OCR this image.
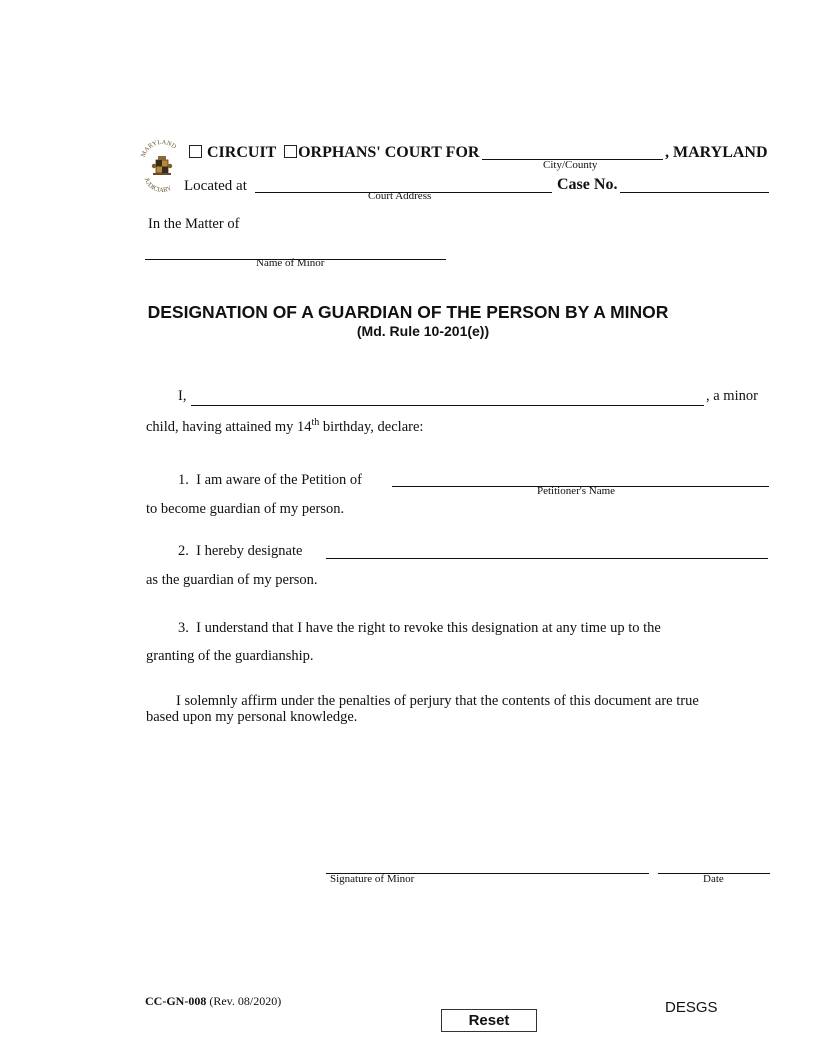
MARYLAND
JUDICIARY
CIRCUIT ORPHANS' COURT FOR	, MARYLAND
City/County
Located at
Court Address
Case No.
In the Matter of
Name of Minor
DESIGNATION OF A GUARDIAN OF THE PERSON BY A MINOR
(Md. Rule 10-201(e))
I,	, a minor
child, having attained my 14th birthday, declare:
1. I am aware of the Petition of
Petitioner's Name
to become guardian of my person.
2. I hereby designate
as the guardian of my person.
3. I understand that I have the right to revoke this designation at any time up to the
granting of the guardianship.
I solemnly affirm under the penalties of perjury that the contents of this document are true
based upon my personal knowledge.
Signature of Minor	Date
CC-GN-008 (Rev. 08/2020)
Reset
DESGS
